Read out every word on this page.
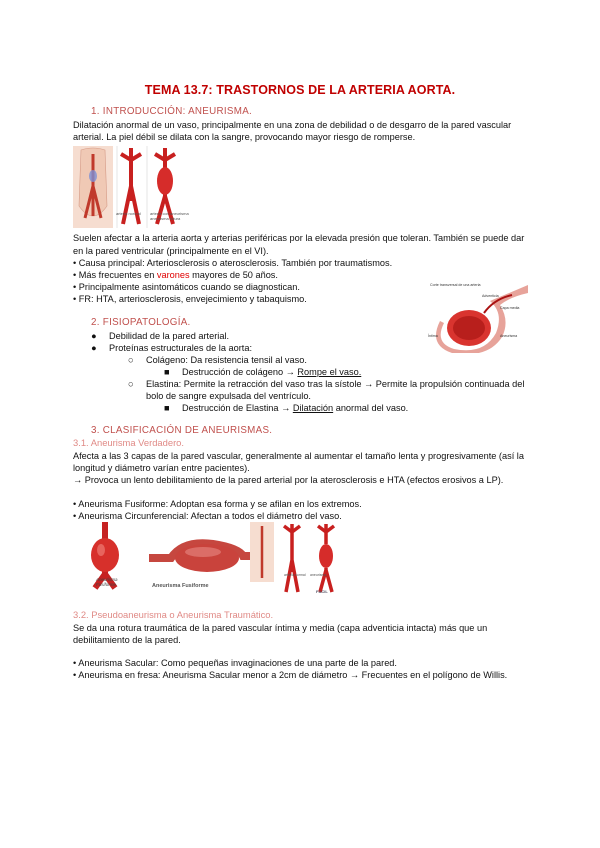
TEMA 13.7: TRASTORNOS DE LA ARTERIA AORTA.
1. INTRODUCCIÓN: ANEURISMA.
Dilatación anormal de un vaso, principalmente en una zona de debilidad o de desgarro de la pared vascular
arterial. La piel débil se dilata con la sangre, provocando mayor riesgo de romperse.
arteria normal arteria con aneurisma
aneurisma rotura
Suelen afectar a la arteria aorta y arterias periféricas por la elevada presión que toleran. También se puede dar
en la pared ventricular (principalmente en el VI).
• Causa principal: Arteriosclerosis o aterosclerosis. También por traumatismos.
• Más frecuentes en varones mayores de 50 años.
• Principalmente asintomáticos cuando se diagnostican.
• FR: HTA, arteriosclerosis, envejecimiento y tabaquismo.
Corte transversal de una arteria
Adventicia
Capa media
Íntima	Aneurisma
2. FISIOPATOLOGÍA.
● Debilidad de la pared arterial.
● Proteínas estructurales de la aorta:
○ Colágeno: Da resistencia tensil al vaso.
■ Destrucción de colágeno → Rompe el vaso.
○ Elastina: Permite la retracción del vaso tras la sístole → Permite la propulsión continuada del
bolo de sangre expulsada del ventrículo.
■ Destrucción de Elastina → Dilatación anormal del vaso.
3. CLASIFICACIÓN DE ANEURISMAS.
3.1. Aneurisma Verdadero.
Afecta a las 3 capas de la pared vascular, generalmente al aumentar el tamaño lenta y progresivamente (así la
longitud y diámetro varían entre pacientes).
→ Provoca un lento debilitamiento de la pared arterial por la aterosclerosis e HTA (efectos erosivos a LP).
• Aneurisma Fusiforme: Adoptan esa forma y se afilan en los extremos.
• Aneurisma Circunferencial: Afectan a todos el diámetro del vaso.
Aneurisma Fusiforme	Aneurisma Fusiforme
arteria normal aneurisma
FÁCIL
3.2. Pseudoaneurisma o Aneurisma Traumático.
Se da una rotura traumática de la pared vascular íntima y media (capa adventicia intacta) más que un
debilitamiento de la pared.
• Aneurisma Sacular: Como pequeñas invaginaciones de una parte de la pared.
• Aneurisma en fresa: Aneurisma Sacular menor a 2cm de diámetro → Frecuentes en el polígono de Willis.
